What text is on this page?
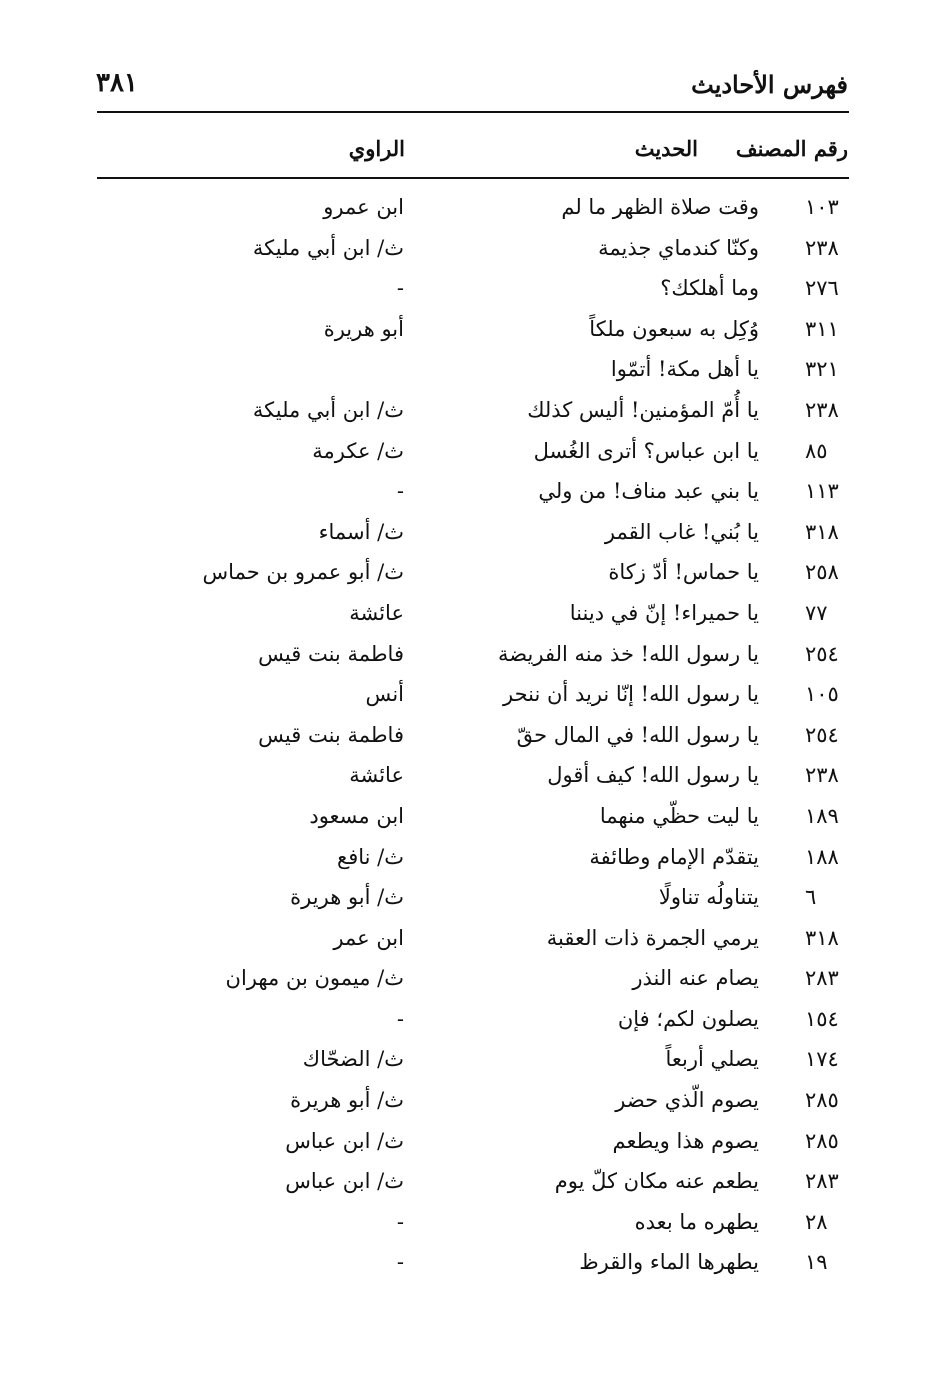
فهرس الأحاديث
٣٨١
رقم المصنف
الحديث
الراوي
١٠٣
وقت صلاة الظهر ما لم
ابن عمرو
٢٣٨
وكنّا كندماي جذيمة
ث/ ابن أبي مليكة
٢٧٦
وما أهلكك؟
-
٣١١
وُكِل به سبعون ملكاً
أبو هريرة
٣٢١
يا أهل مكة! أتمّوا
٢٣٨
يا أُمّ المؤمنين! أليس كذلك
ث/ ابن أبي مليكة
٨٥
يا ابن عباس؟ أترى الغُسل
ث/ عكرمة
١١٣
يا بني عبد مناف! من ولي
-
٣١٨
يا بُني! غاب القمر
ث/ أسماء
٢٥٨
يا حماس! أدّ زكاة
ث/ أبو عمرو بن حماس
٧٧
يا حميراء! إنّ في ديننا
عائشة
٢٥٤
يا رسول الله! خذ منه الفريضة
فاطمة بنت قيس
١٠٥
يا رسول الله! إنّا نريد أن ننحر
أنس
٢٥٤
يا رسول الله! في المال حقّ
فاطمة بنت قيس
٢٣٨
يا رسول الله! كيف أقول
عائشة
١٨٩
يا ليت حظّي منهما
ابن مسعود
١٨٨
يتقدّم الإمام وطائفة
ث/ نافع
٦
يتناولُه تناولًا
ث/ أبو هريرة
٣١٨
يرمي الجمرة ذات العقبة
ابن عمر
٢٨٣
يصام عنه النذر
ث/ ميمون بن مهران
١٥٤
يصلون لكم؛ فإن
-
١٧٤
يصلي أربعاً
ث/ الضحّاك
٢٨٥
يصوم الّذي حضر
ث/ أبو هريرة
٢٨٥
يصوم هذا ويطعم
ث/ ابن عباس
٢٨٣
يطعم عنه مكان كلّ يوم
ث/ ابن عباس
٢٨
يطهره ما بعده
-
١٩
يطهرها الماء والقرظ
-
